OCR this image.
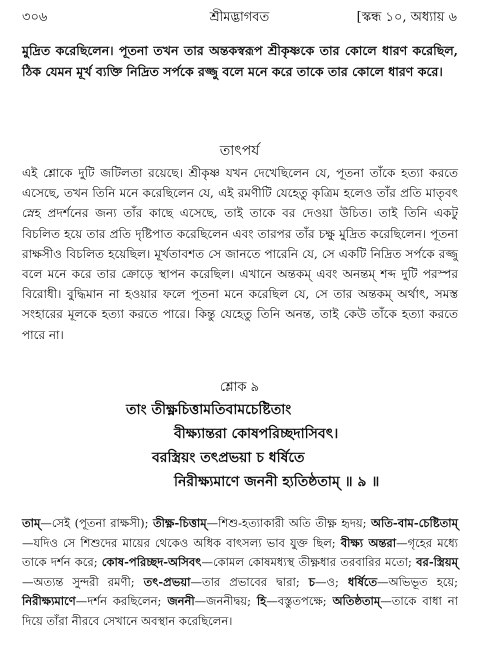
৩০৬	শ্রীমদ্ভাগবত	[স্কন্ধ ১০, অধ্যায় ৬

মুদ্রিত করেছিলেন। পূতনা তখন তার অন্তকস্বরূপ শ্রীকৃষ্ণকে তার কোলে ধারণ করেছিল, ঠিক যেমন মূর্খ ব্যক্তি নিদ্রিত সর্পকে রজ্জু বলে মনে করে তাকে তার কোলে ধারণ করে।

তাৎপর্য

এই শ্লোকে দুটি জটিলতা রয়েছে। শ্রীকৃষ্ণ যখন দেখেছিলেন যে, পূতনা তাঁকে হত্যা করতে এসেছে, তখন তিনি মনে করেছিলেন যে, এই রমণীটি যেহেতু কৃত্রিম হলেও তাঁর প্রতি মাতৃবৎ স্নেহ প্রদর্শনের জন্য তাঁর কাছে এসেছে, তাই তাকে বর দেওয়া উচিত। তাই তিনি একটু বিচলিত হয়ে তার প্রতি দৃষ্টিপাত করেছিলেন এবং তারপর তাঁর চক্ষু মুদ্রিত করেছিলেন। পূতনা রাক্ষসীও বিচলিত হয়েছিল। মূর্খতাবশত সে জানতে পারেনি যে, সে একটি নিদ্রিত সর্পকে রজ্জু বলে মনে করে তার ক্রোড়ে স্থাপন করেছিল। এখানে অন্তকম্ এবং অনন্তম্ শব্দ দুটি পরস্পর বিরোধী। বুদ্ধিমান না হওয়ার ফলে পূতনা মনে করেছিল যে, সে তার অন্তকম্ অর্থাৎ, সমস্ত সংহারের মূলকে হত্যা করতে পারে। কিন্তু যেহেতু তিনি অনন্ত, তাই কেউ তাঁকে হত্যা করতে পারে না।

শ্লোক ৯
তাং তীক্ষ্ণচিত্তামতিবামচেষ্টিতাং
বীক্ষ্যান্তরা কোষপরিচ্ছদাসিবৎ।
বরস্ত্রিয়ং তৎপ্রভয়া চ ধর্ষিতে
নিরীক্ষ্যমাণে জননী হ্যতিষ্ঠতাম্ ॥ ৯ ॥

তাম্—সেই (পূতনা রাক্ষসী); তীক্ষ্ণ-চিত্তাম্—শিশু-হত্যাকারী অতি তীক্ষ্ণ হৃদয়; অতি-বাম-চেষ্টিতাম্—যদিও সে শিশুদের মায়ের থেকেও অধিক বাৎসল্য ভাব যুক্ত ছিল; বীক্ষ্য অন্তরা—গৃহের মধ্যে তাকে দর্শন করে; কোষ-পরিচ্ছদ-অসিবৎ—কোমল কোষমধ্যস্থ তীক্ষ্ণধার তরবারির মতো; বর-স্ত্রিয়ম্—অত্যন্ত সুন্দরী রমণী; তৎ-প্রভয়া—তার প্রভাবের দ্বারা; চ—ও; ধর্ষিতে—অভিভূত হয়ে; নিরীক্ষ্যমাণে—দর্শন করছিলেন; জননী—জননীদ্বয়; হি—বস্তুতপক্ষে; অতিষ্ঠতাম্—তাকে বাধা না দিয়ে তাঁরা নীরবে সেখানে অবস্থান করেছিলেন।
